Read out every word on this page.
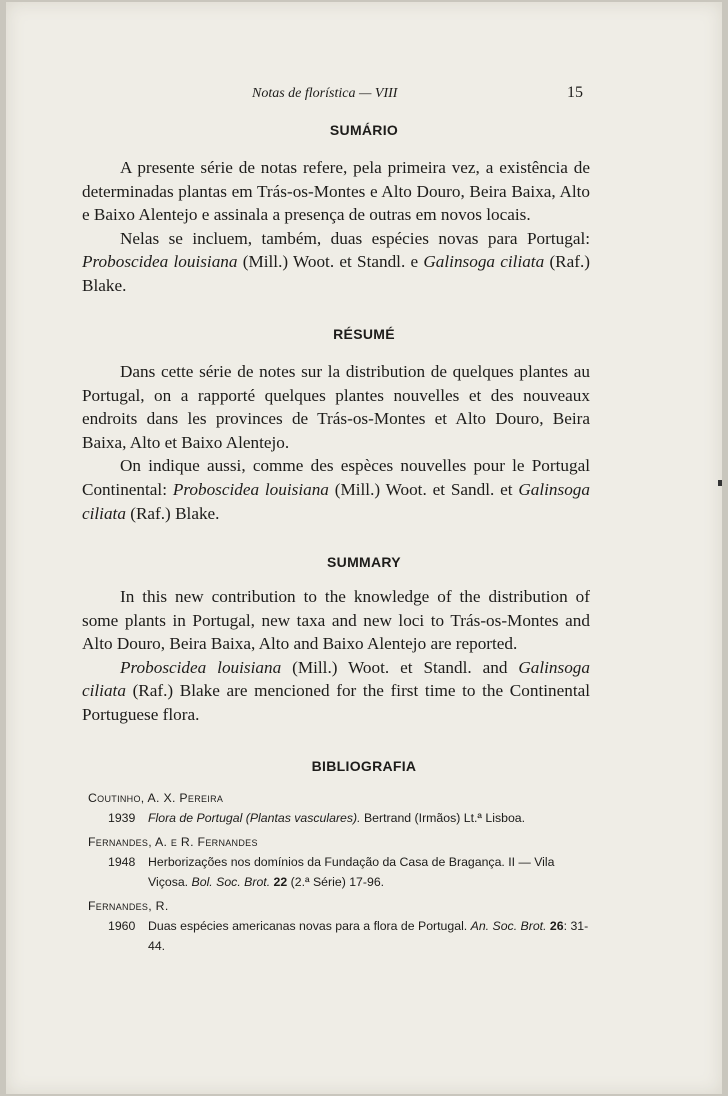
Notas de florística — VIII	15
SUMÁRIO

A presente série de notas refere, pela primeira vez, a existência de determinadas plantas em Trás-os-Montes e Alto Douro, Beira Baixa, Alto e Baixo Alentejo e assinala a presença de outras em novos locais.

Nelas se incluem, também, duas espécies novas para Portugal: Proboscidea louisiana (Mill.) Woot. et Standl. e Galinsoga ciliata (Raf.) Blake.

RÉSUMÉ

Dans cette série de notes sur la distribution de quelques plantes au Portugal, on a rapporté quelques plantes nouvelles et des nouveaux endroits dans les provinces de Trás-os-Montes et Alto Douro, Beira Baixa, Alto et Baixo Alentejo.

On indique aussi, comme des espèces nouvelles pour le Portugal Continental: Proboscidea louisiana (Mill.) Woot. et Sandl. et Galinsoga ciliata (Raf.) Blake.

SUMMARY

In this new contribution to the knowledge of the distribution of some plants in Portugal, new taxa and new loci to Trás-os-Montes and Alto Douro, Beira Baixa, Alto and Baixo Alentejo are reported.

Proboscidea louisiana (Mill.) Woot. et Standl. and Galinsoga ciliata (Raf.) Blake are mencioned for the first time to the Continental Portuguese flora.

BIBLIOGRAFIA
Coutinho, A. X. Pereira
1939 Flora de Portugal (Plantas vasculares). Bertrand (Irmãos) Lt.ª Lisboa.
Fernandes, A. e R. Fernandes
1948 Herborizações nos domínios da Fundação da Casa de Bragança. II — Vila Viçosa. Bol. Soc. Brot. 22 (2.ª Série) 17-96.
Fernandes, R.
1960 Duas espécies americanas novas para a flora de Portugal. An. Soc. Brot. 26: 31-44.
